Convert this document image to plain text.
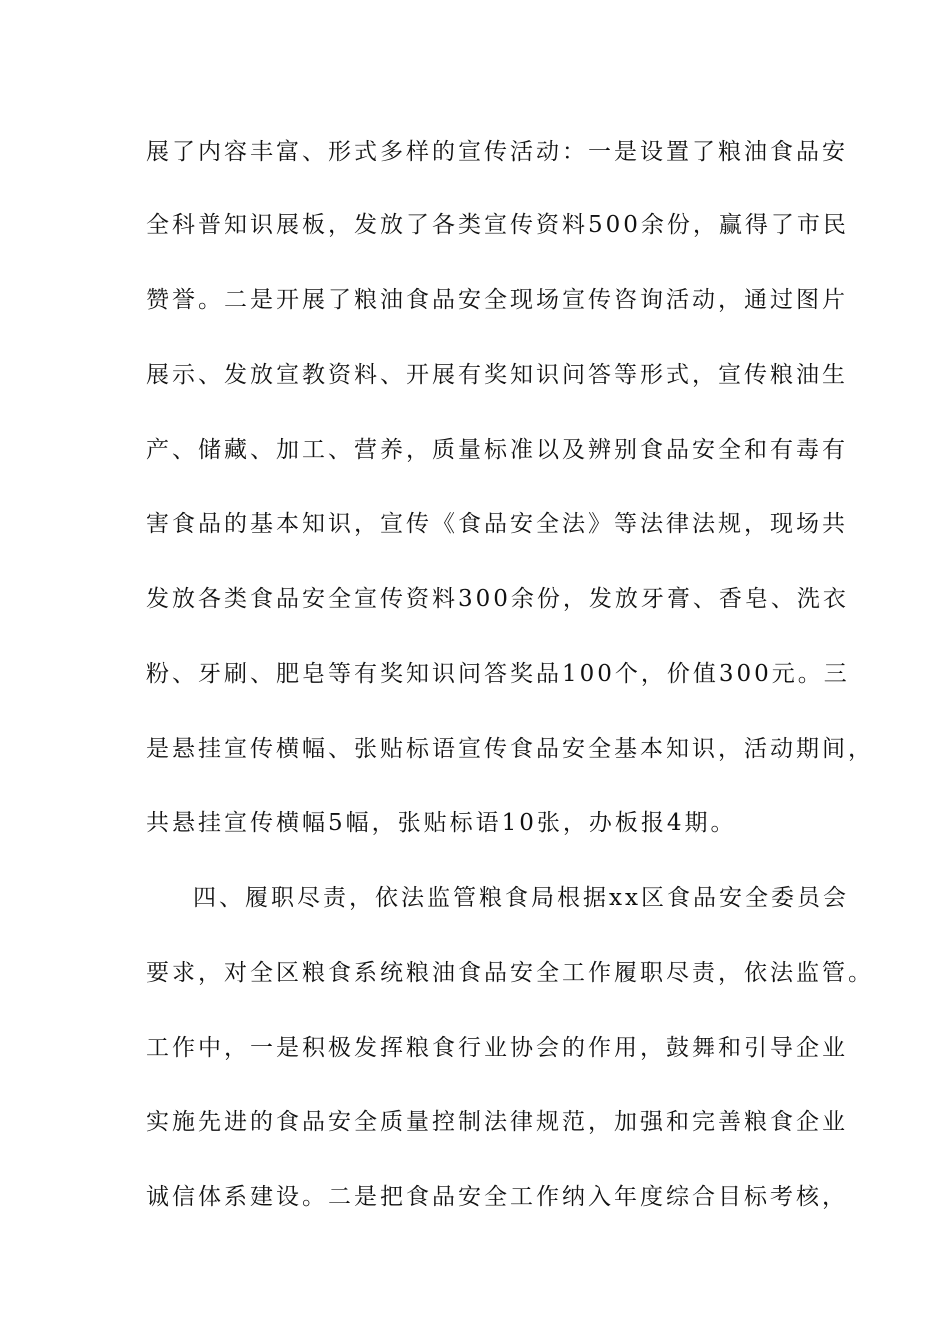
展了内容丰富、形式多样的宣传活动：一是设置了粮油食品安
全科普知识展板，发放了各类宣传资料500余份，赢得了市民
赞誉。二是开展了粮油食品安全现场宣传咨询活动，通过图片
展示、发放宣教资料、开展有奖知识问答等形式，宣传粮油生
产、储藏、加工、营养，质量标准以及辨别食品安全和有毒有
害食品的基本知识，宣传《食品安全法》等法律法规，现场共
发放各类食品安全宣传资料300余份，发放牙膏、香皂、洗衣
粉、牙刷、肥皂等有奖知识问答奖品100个，价值300元。三
是悬挂宣传横幅、张贴标语宣传食品安全基本知识，活动期间，
共悬挂宣传横幅5幅，张贴标语10张，办板报4期。
四、履职尽责，依法监管粮食局根据xx区食品安全委员会
要求，对全区粮食系统粮油食品安全工作履职尽责，依法监管。
工作中，一是积极发挥粮食行业协会的作用，鼓舞和引导企业
实施先进的食品安全质量控制法律规范，加强和完善粮食企业
诚信体系建设。二是把食品安全工作纳入年度综合目标考核，
